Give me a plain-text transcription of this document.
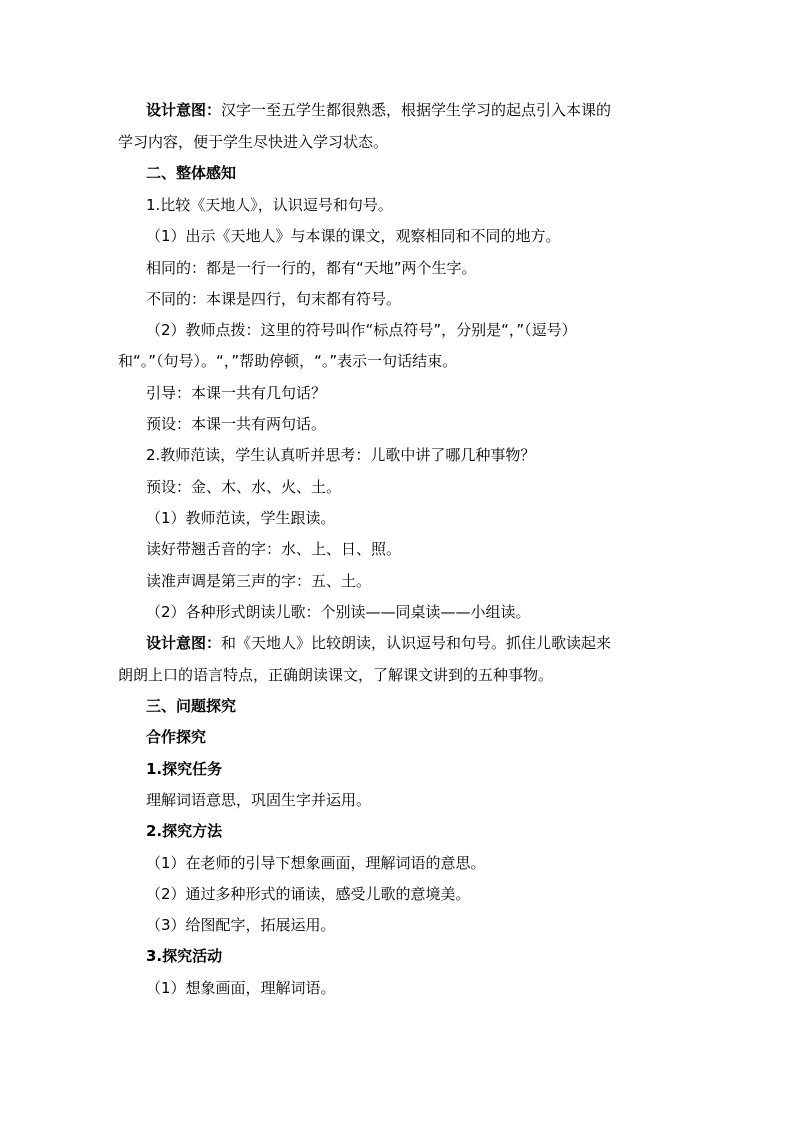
设计意图：汉字一至五学生都很熟悉，根据学生学习的起点引入本课的

学习内容，便于学生尽快进入学习状态。

二、整体感知

1.比较《天地人》，认识逗号和句号。

（1）出示《天地人》与本课的课文，观察相同和不同的地方。

相同的：都是一行一行的，都有“天地”两个生字。

不同的：本课是四行，句末都有符号。

（2）教师点拨：这里的符号叫作“标点符号”，分别是“，”（逗号）

和“。”（句号）。“，”帮助停顿，“。”表示一句话结束。

引导：本课一共有几句话？

预设：本课一共有两句话。

2.教师范读，学生认真听并思考：儿歌中讲了哪几种事物？

预设：金、木、水、火、土。

（1）教师范读，学生跟读。

读好带翘舌音的字：水、上、日、照。

读准声调是第三声的字：五、土。

（2）各种形式朗读儿歌：个别读——同桌读——小组读。

设计意图：和《天地人》比较朗读，认识逗号和句号。抓住儿歌读起来

朗朗上口的语言特点，正确朗读课文，了解课文讲到的五种事物。

三、问题探究

合作探究

1.探究任务

理解词语意思，巩固生字并运用。

2.探究方法

（1）在老师的引导下想象画面，理解词语的意思。

（2）通过多种形式的诵读，感受儿歌的意境美。

（3）给图配字，拓展运用。

3.探究活动

（1）想象画面，理解词语。
